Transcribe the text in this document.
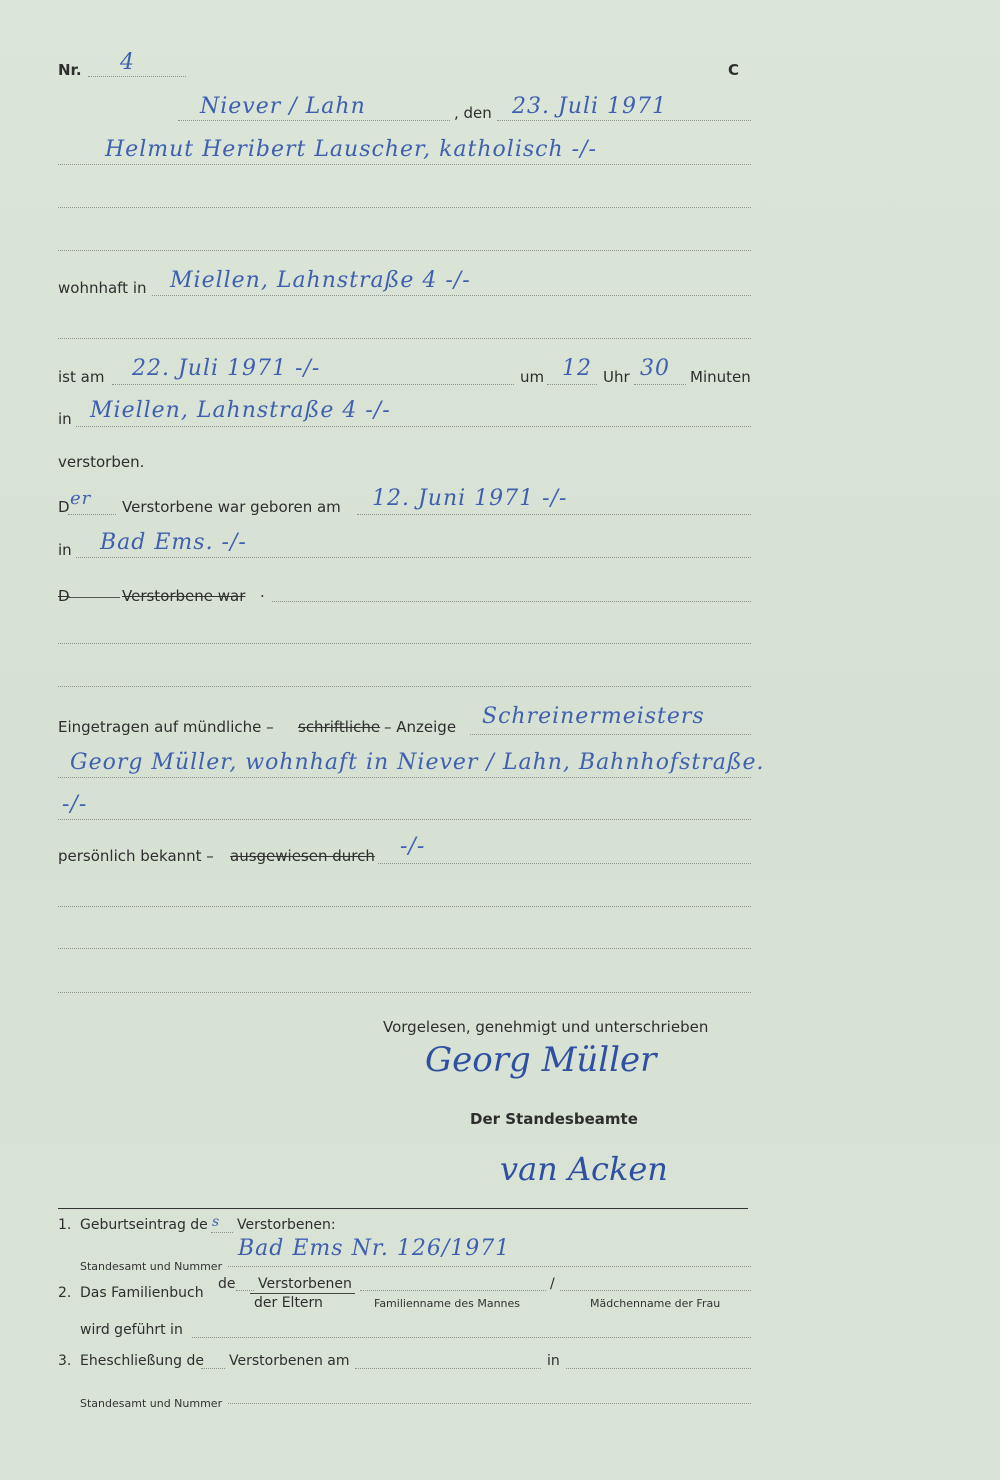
Nr. 4	C
Niever / Lahn	, den 23. Juli 1971
Helmut Heribert Lauscher, katholisch -/-
wohnhaft in Miellen, Lahnstraße 4 -/-
ist am 22. Juli 1971 -/-	um 12 Uhr 30 Minuten
in Miellen, Lahnstraße 4 -/-
verstorben.
D er Verstorbene war geboren am 12. Juni 1971 -/-
in Bad Ems. -/-
D	Verstorbene war .
Eingetragen auf mündliche – schriftliche – Anzeige Schreinermeisters
Georg Müller, wohnhaft in Niever / Lahn, Bahnhofstraße.
-/-
persönlich bekannt – ausgewiesen durch -/-
Vorgelesen, genehmigt und unterschrieben
Georg Müller
Der Standesbeamte
van Acken
1. Geburtseintrag de s Verstorbenen:
Standesamt und Nummer
Bad Ems Nr. 126/1971
2. Das Familienbuch
de Verstorbenen
der Eltern	Familienname des Mannes
/
Mädchenname der Frau
wird geführt in
3. Eheschließung de Verstorbenen am	in
Standesamt und Nummer
